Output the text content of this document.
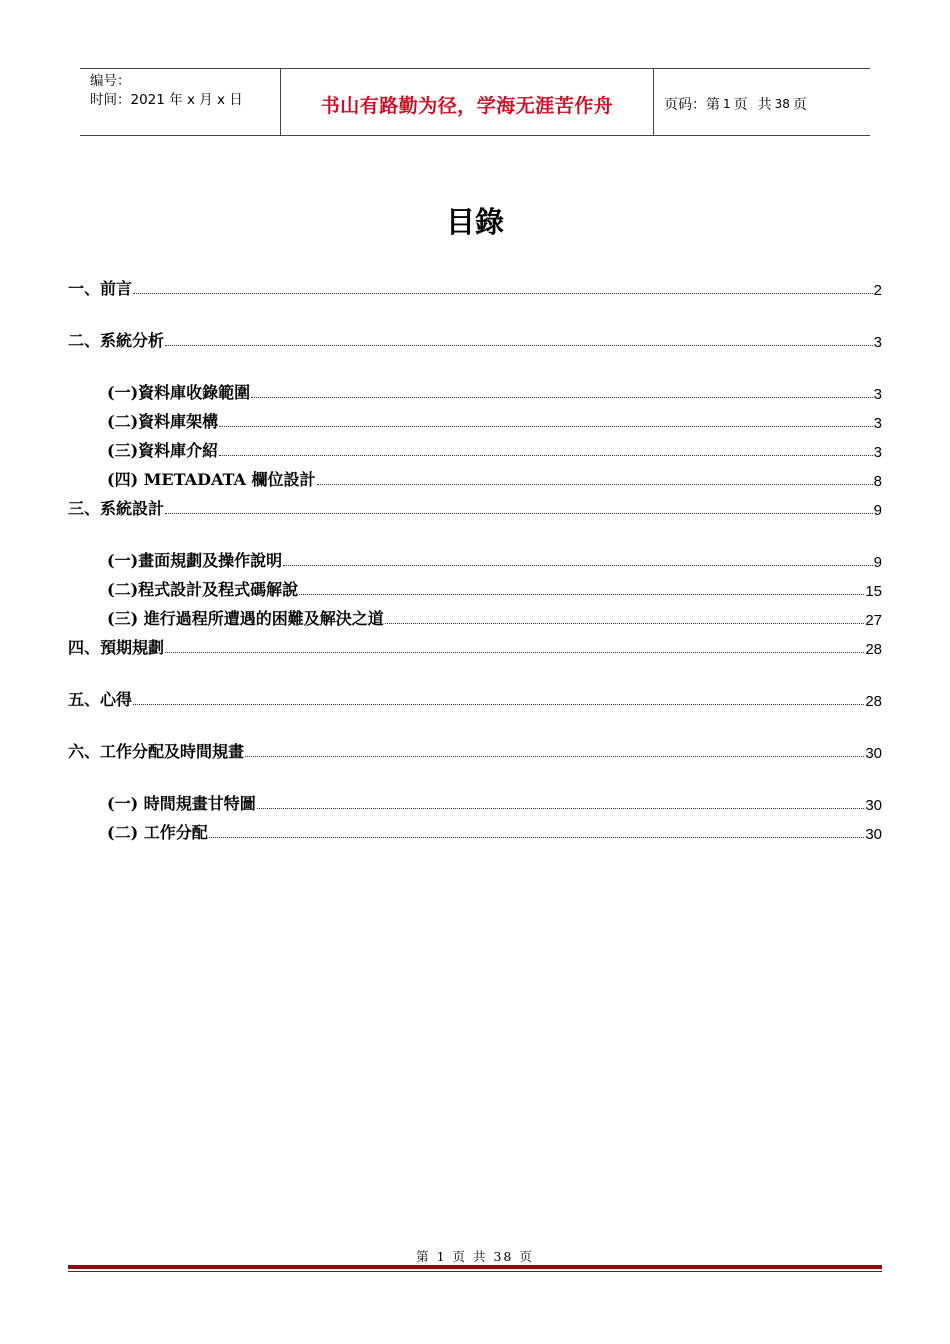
编号：
时间：2021 年 x 月 x 日	书山有路勤为径，学海无涯苦作舟	页码：第 1 页 共 38 页
目錄
一、前言	2
二、系統分析	3
(一)資料庫收錄範圍	3
(二)資料庫架構	3
(三)資料庫介紹	3
(四) METADATA 欄位設計	8
三、系統設計	9
(一)畫面規劃及操作說明	9
(二)程式設計及程式碼解說	15
(三) 進行過程所遭遇的困難及解決之道	27
四、預期規劃	28
五、心得	28
六、工作分配及時間規畫	30
(一) 時間規畫甘特圖	30
(二) 工作分配	30
第 1 页 共 38 页
